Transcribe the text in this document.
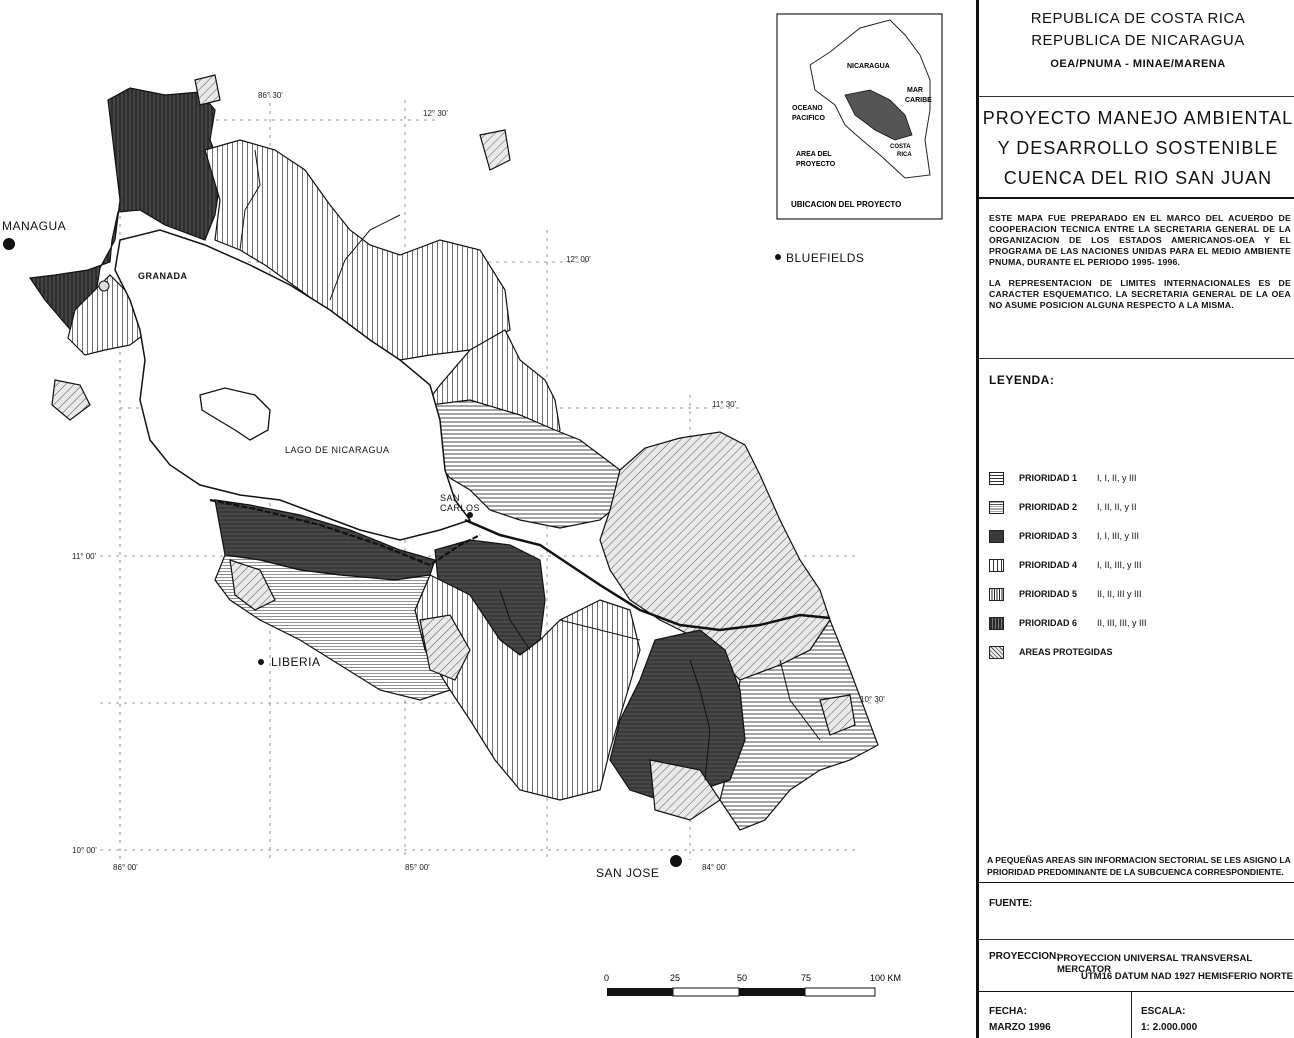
MANAGUA
GRANADA
BLUEFIELDS
LIBERIA
SAN
CARLOS
SAN JOSE
LAGO DE NICARAGUA
86° 30'
12° 30'
12° 00'
11° 30'
11° 00'
10° 30'
10° 00'
86° 00'	85° 00'	84° 00'
NICARAGUA
MAR
CARIBE
OCEANO
PACIFICO
COSTA
RICA
AREA DEL
PROYECTO
UBICACION DEL PROYECTO
0	25	50	75	100 KM
REPUBLICA DE COSTA RICA
REPUBLICA DE NICARAGUA
OEA/PNUMA - MINAE/MARENA
PROYECTO MANEJO AMBIENTAL
Y DESARROLLO SOSTENIBLE
CUENCA DEL RIO SAN JUAN
ESTE MAPA FUE PREPARADO EN EL MARCO DEL ACUERDO DE COOPERACION TECNICA ENTRE LA SECRETARIA GENERAL DE LA ORGANIZACION DE LOS ESTADOS AMERICANOS-OEA Y EL PROGRAMA DE LAS NACIONES UNIDAS PARA EL MEDIO AMBIENTE PNUMA, DURANTE EL PERIODO 1995- 1996.
LA REPRESENTACION DE LIMITES INTERNACIONALES ES DE CARACTER ESQUEMATICO. LA SECRETARIA GENERAL DE LA OEA NO ASUME POSICION ALGUNA RESPECTO A LA MISMA.
LEYENDA:
PRIORIDAD 1 I, I, II, y III
PRIORIDAD 2 I, II, II, y II
PRIORIDAD 3 I, I, III, y III
PRIORIDAD 4 I, II, III, y III
PRIORIDAD 5 II, II, III y III
PRIORIDAD 6 II, III, III, y III
AREAS PROTEGIDAS
A PEQUEÑAS AREAS SIN INFORMACION SECTORIAL SE LES ASIGNO LA PRIORIDAD PREDOMINANTE DE LA SUBCUENCA CORRESPONDIENTE.
FUENTE:
PROYECCION:
PROYECCION UNIVERSAL TRANSVERSAL MERCATOR
UTM16 DATUM NAD 1927 HEMISFERIO NORTE
FECHA:
MARZO 1996
ESCALA:
1: 2.000.000
